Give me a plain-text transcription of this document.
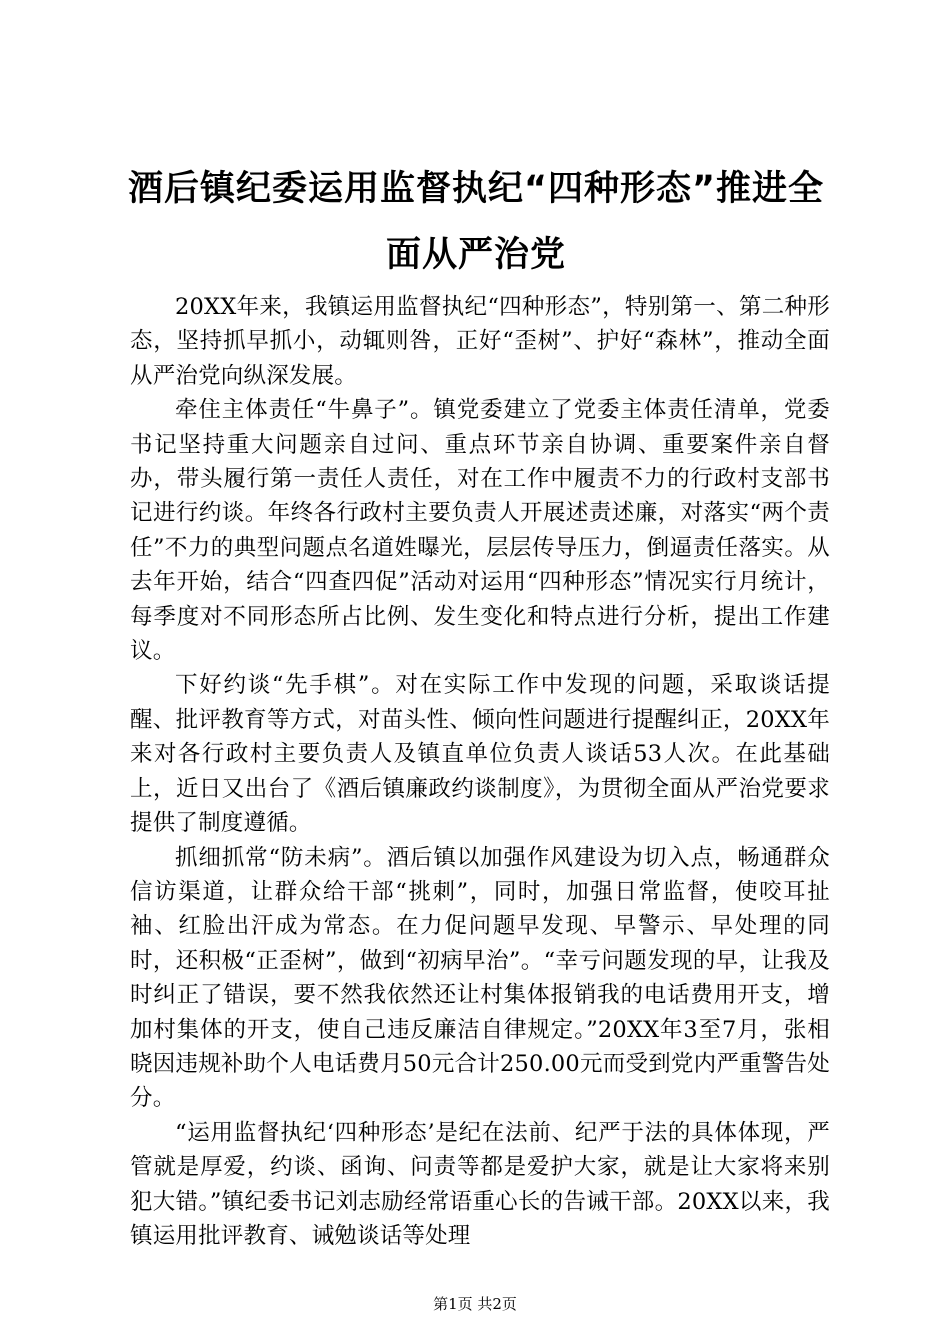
酒后镇纪委运用监督执纪“四种形态”推进全面从严治党

20XX年来，我镇运用监督执纪“四种形态”，特别第一、第二种形态，坚持抓早抓小，动辄则咎，正好“歪树”、护好“森林”，推动全面从严治党向纵深发展。

牵住主体责任“牛鼻子”。镇党委建立了党委主体责任清单，党委书记坚持重大问题亲自过问、重点环节亲自协调、重要案件亲自督办，带头履行第一责任人责任，对在工作中履责不力的行政村支部书记进行约谈。年终各行政村主要负责人开展述责述廉，对落实“两个责任”不力的典型问题点名道姓曝光，层层传导压力，倒逼责任落实。从去年开始，结合“四查四促”活动对运用“四种形态”情况实行月统计，每季度对不同形态所占比例、发生变化和特点进行分析，提出工作建议。

下好约谈“先手棋”。对在实际工作中发现的问题，采取谈话提醒、批评教育等方式，对苗头性、倾向性问题进行提醒纠正，20XX年来对各行政村主要负责人及镇直单位负责人谈话53人次。在此基础上，近日又出台了《酒后镇廉政约谈制度》，为贯彻全面从严治党要求提供了制度遵循。

抓细抓常“防未病”。酒后镇以加强作风建设为切入点，畅通群众信访渠道，让群众给干部“挑刺”，同时，加强日常监督，使咬耳扯袖、红脸出汗成为常态。在力促问题早发现、早警示、早处理的同时，还积极“正歪树”，做到“初病早治”。“幸亏问题发现的早，让我及时纠正了错误，要不然我依然还让村集体报销我的电话费用开支，增加村集体的开支，使自己违反廉洁自律规定。”20XX年3至7月，张相晓因违规补助个人电话费月50元合计250.00元而受到党内严重警告处分。

“运用监督执纪‘四种形态’是纪在法前、纪严于法的具体体现，严管就是厚爱，约谈、函询、问责等都是爱护大家，就是让大家将来别犯大错。”镇纪委书记刘志励经常语重心长的告诫干部。20XX以来，我镇运用批评教育、诫勉谈话等处理

第1页 共2页
